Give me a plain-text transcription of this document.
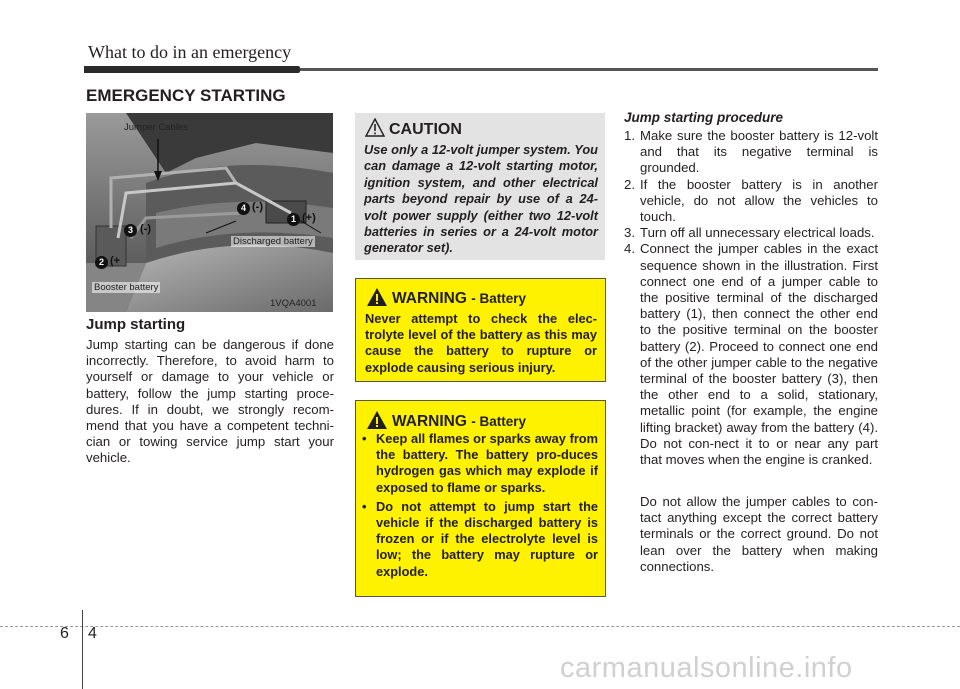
What to do in an emergency
EMERGENCY STARTING
Jumper Cables
Discharged battery
Booster battery
1 (+)
2 (+
3 (-)
4 (-)
1VQA4001
Jump starting
Jump starting can be dangerous if done incorrectly. Therefore, to avoid harm to yourself or damage to your vehicle or battery, follow the jump starting proce-dures. If in doubt, we strongly recom-mend that you have a competent techni-cian or towing service jump start your vehicle.
CAUTION
Use only a 12-volt jumper system. You can damage a 12-volt starting motor, ignition system, and other electrical parts beyond repair by use of a 24-volt power supply (either two 12-volt batteries in series or a 24-volt motor generator set).
WARNING - Battery
Never attempt to check the elec-trolyte level of the battery as this may cause the battery to rupture or explode causing serious injury.
WARNING - Battery
• Keep all flames or sparks away from the battery. The battery pro-duces hydrogen gas which may explode if exposed to flame or sparks.
• Do not attempt to jump start the vehicle if the discharged battery is frozen or if the electrolyte level is low; the battery may rupture or explode.
Jump starting procedure
1. Make sure the booster battery is 12-volt and that its negative terminal is grounded.
2. If the booster battery is in another vehicle, do not allow the vehicles to touch.
3. Turn off all unnecessary electrical loads.
4. Connect the jumper cables in the exact sequence shown in the illustration. First connect one end of a jumper cable to the positive terminal of the discharged battery (1), then connect the other end to the positive terminal on the booster battery (2). Proceed to connect one end of the other jumper cable to the negative terminal of the booster battery (3), then the other end to a solid, stationary, metallic point (for example, the engine lifting bracket) away from the battery (4). Do not con-nect it to or near any part that moves when the engine is cranked.
Do not allow the jumper cables to con-tact anything except the correct battery terminals or the correct ground. Do not lean over the battery when making connections.
6 4
carmanualsonline.info
